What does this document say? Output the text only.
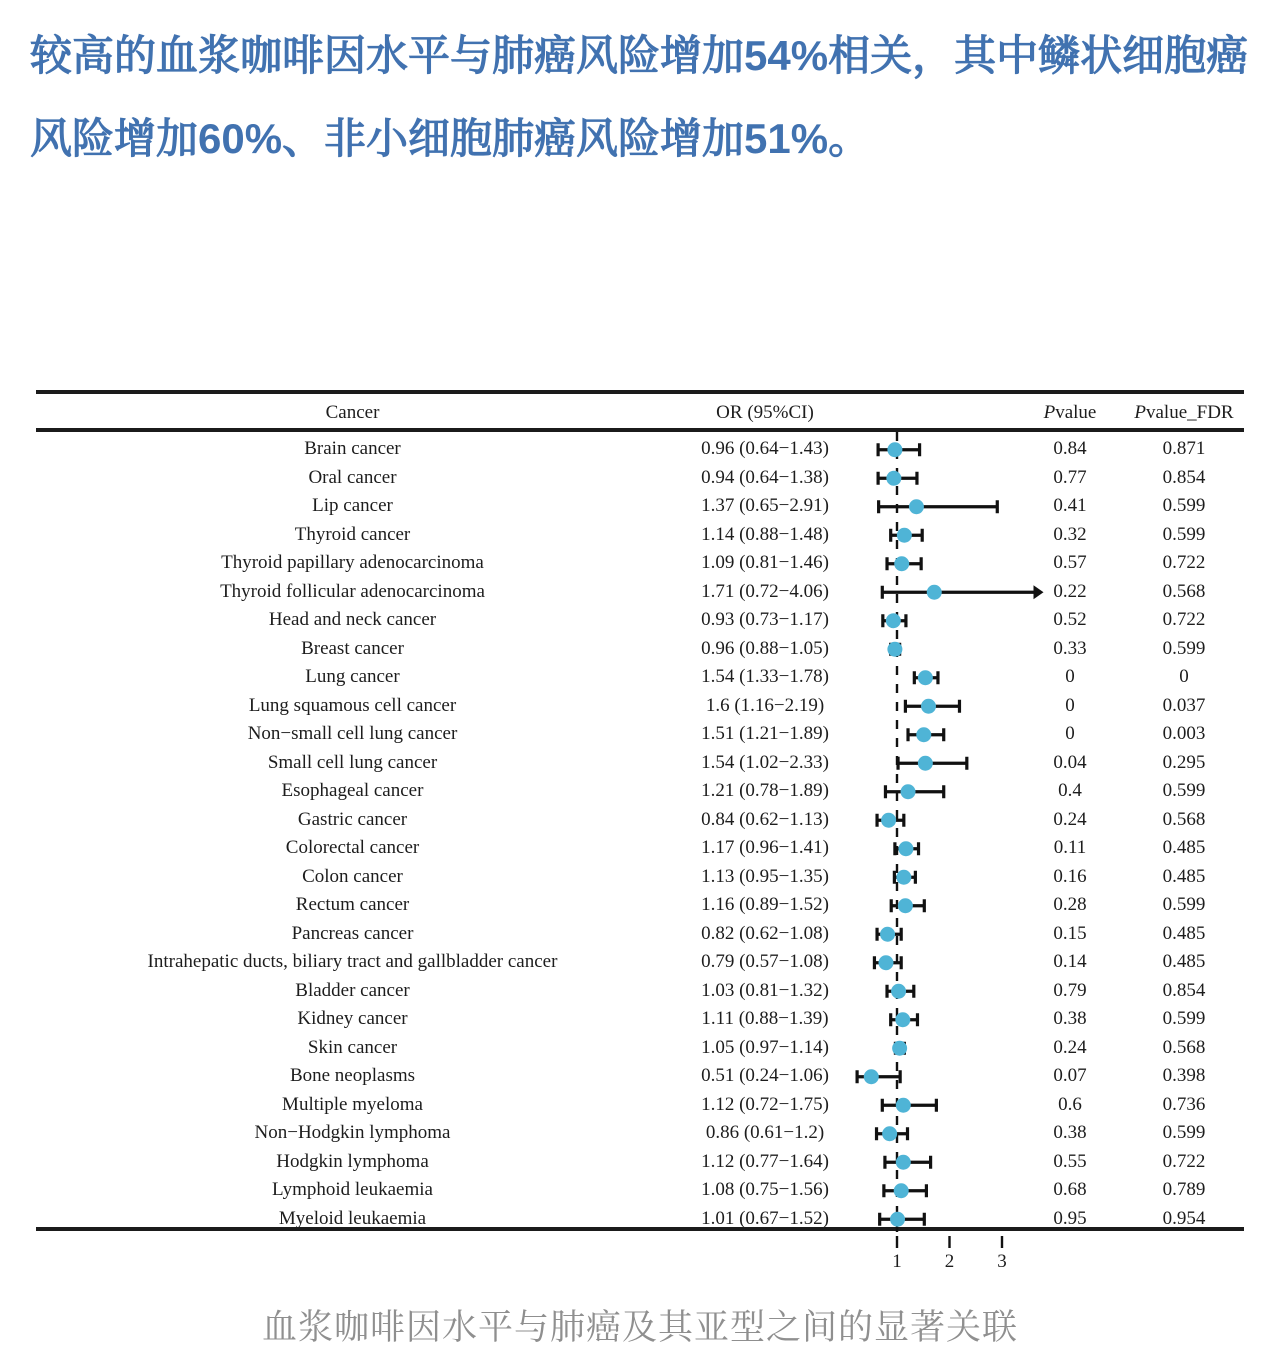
较高的血浆咖啡因水平与肺癌风险增加54%相关，其中鳞状细胞癌风险增加60%、非小细胞肺癌风险增加51%。
Cancer	OR (95%CI)	Pvalue	Pvalue_FDR
Brain cancer	0.96 (0.64−1.43)	0.84	0.871
Oral cancer	0.94 (0.64−1.38)	0.77	0.854
Lip cancer	1.37 (0.65−2.91)	0.41	0.599
Thyroid cancer	1.14 (0.88−1.48)	0.32	0.599
Thyroid papillary adenocarcinoma	1.09 (0.81−1.46)	0.57	0.722
Thyroid follicular adenocarcinoma	1.71 (0.72−4.06)	0.22	0.568
Head and neck cancer	0.93 (0.73−1.17)	0.52	0.722
Breast cancer	0.96 (0.88−1.05)	0.33	0.599
Lung cancer	1.54 (1.33−1.78)	0	0
Lung squamous cell cancer	1.6 (1.16−2.19)	0	0.037
Non−small cell lung cancer	1.51 (1.21−1.89)	0	0.003
Small cell lung cancer	1.54 (1.02−2.33)	0.04	0.295
Esophageal cancer	1.21 (0.78−1.89)	0.4	0.599
Gastric cancer	0.84 (0.62−1.13)	0.24	0.568
Colorectal cancer	1.17 (0.96−1.41)	0.11	0.485
Colon cancer	1.13 (0.95−1.35)	0.16	0.485
Rectum cancer	1.16 (0.89−1.52)	0.28	0.599
Pancreas cancer	0.82 (0.62−1.08)	0.15	0.485
Intrahepatic ducts, biliary tract and gallbladder cancer	0.79 (0.57−1.08)	0.14	0.485
Bladder cancer	1.03 (0.81−1.32)	0.79	0.854
Kidney cancer	1.11 (0.88−1.39)	0.38	0.599
Skin cancer	1.05 (0.97−1.14)	0.24	0.568
Bone neoplasms	0.51 (0.24−1.06)	0.07	0.398
Multiple myeloma	1.12 (0.72−1.75)	0.6	0.736
Non−Hodgkin lymphoma	0.86 (0.61−1.2)	0.38	0.599
Hodgkin lymphoma	1.12 (0.77−1.64)	0.55	0.722
Lymphoid leukaemia	1.08 (0.75−1.56)	0.68	0.789
Myeloid leukaemia	1.01 (0.67−1.52)	0.95	0.954
1 2 3
血浆咖啡因水平与肺癌及其亚型之间的显著关联
